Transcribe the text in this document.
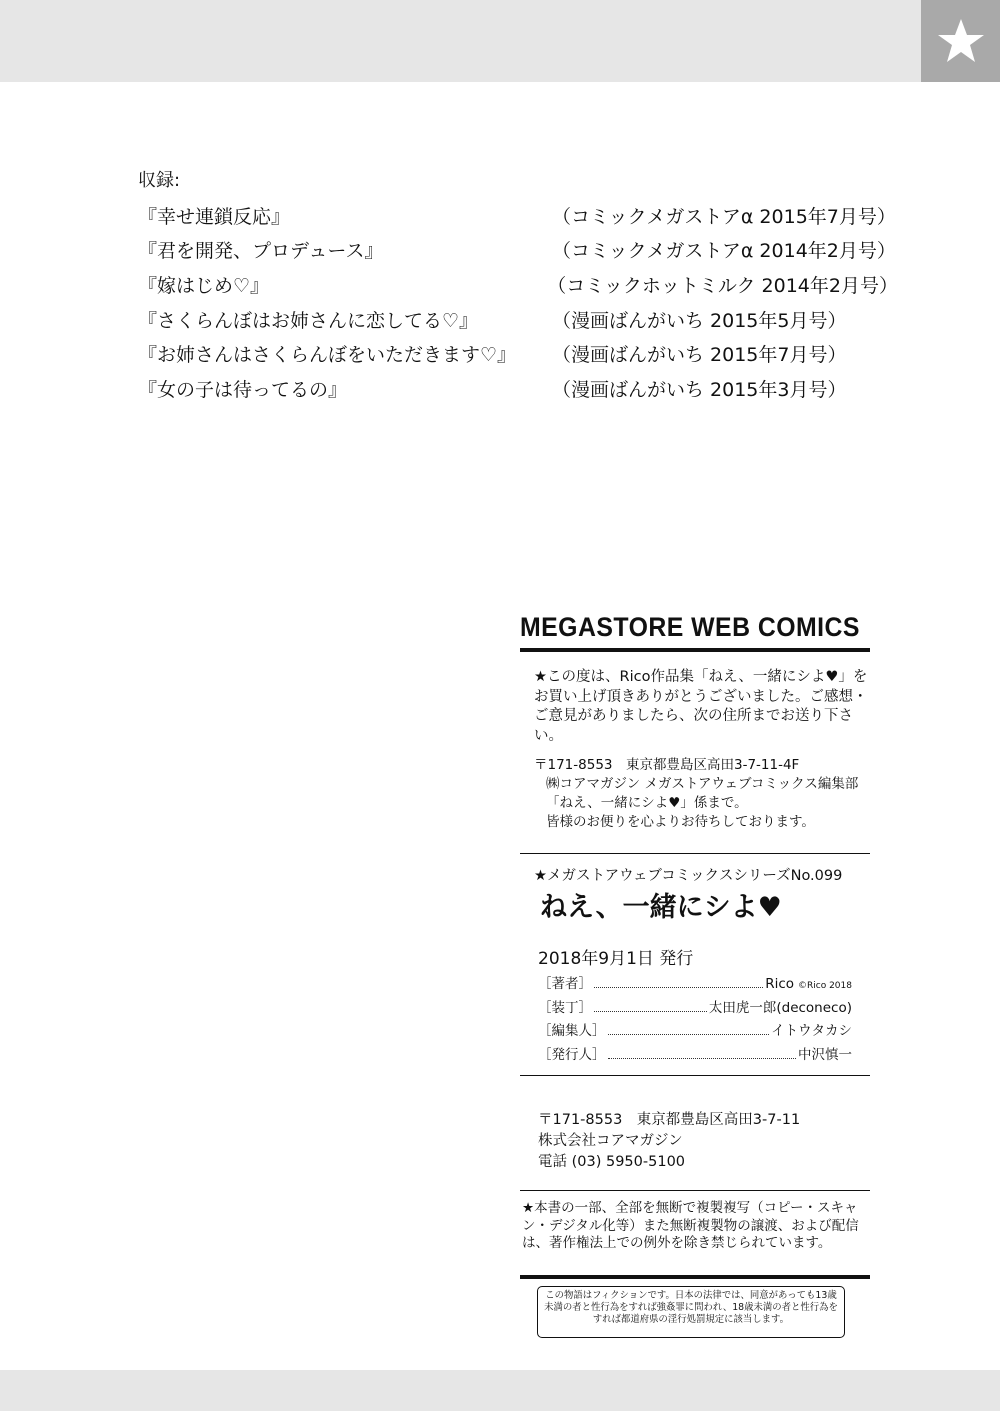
収録:
『幸せ連鎖反応』	（コミックメガストアα 2015年7月号）
『君を開発、プロデュース』	（コミックメガストアα 2014年2月号）
『嫁はじめ♡』	（コミックホットミルク 2014年2月号）
『さくらんぼはお姉さんに恋してる♡』	（漫画ばんがいち 2015年5月号）
『お姉さんはさくらんぼをいただきます♡』	（漫画ばんがいち 2015年7月号）
『女の子は待ってるの』	（漫画ばんがいち 2015年3月号）
MEGASTORE WEB COMICS
★この度は、Rico作品集「ねえ、一緒にシよ♥」をお買い上げ頂きありがとうございました。ご感想・ご意見がありましたら、次の住所までお送り下さい。
〒171-8553　東京都豊島区高田3-7-11-4F

㈱コアマガジン メガストアウェブコミックス編集部
「ねえ、一緒にシよ♥」係まで。
皆様のお便りを心よりお待ちしております。
★メガストアウェブコミックスシリーズNo.099
ねえ、一緒にシよ♥
2018年9月1日 発行
［著者］	Rico ©Rico 2018
［装丁］	太田虎一郎(deconeco)
［編集人］	イトウタカシ
［発行人］	中沢慎一
〒171-8553　東京都豊島区高田3-7-11
株式会社コアマガジン
電話 (03) 5950-5100
★本書の一部、全部を無断で複製複写（コピー・スキャン・デジタル化等）また無断複製物の譲渡、および配信は、著作権法上での例外を除き禁じられています。
この物語はフィクションです。日本の法律では、同意があっても13歳未満の者と性行為をすれば強姦罪に問われ、18歳未満の者と性行為をすれば都道府県の淫行処罰規定に該当します。
